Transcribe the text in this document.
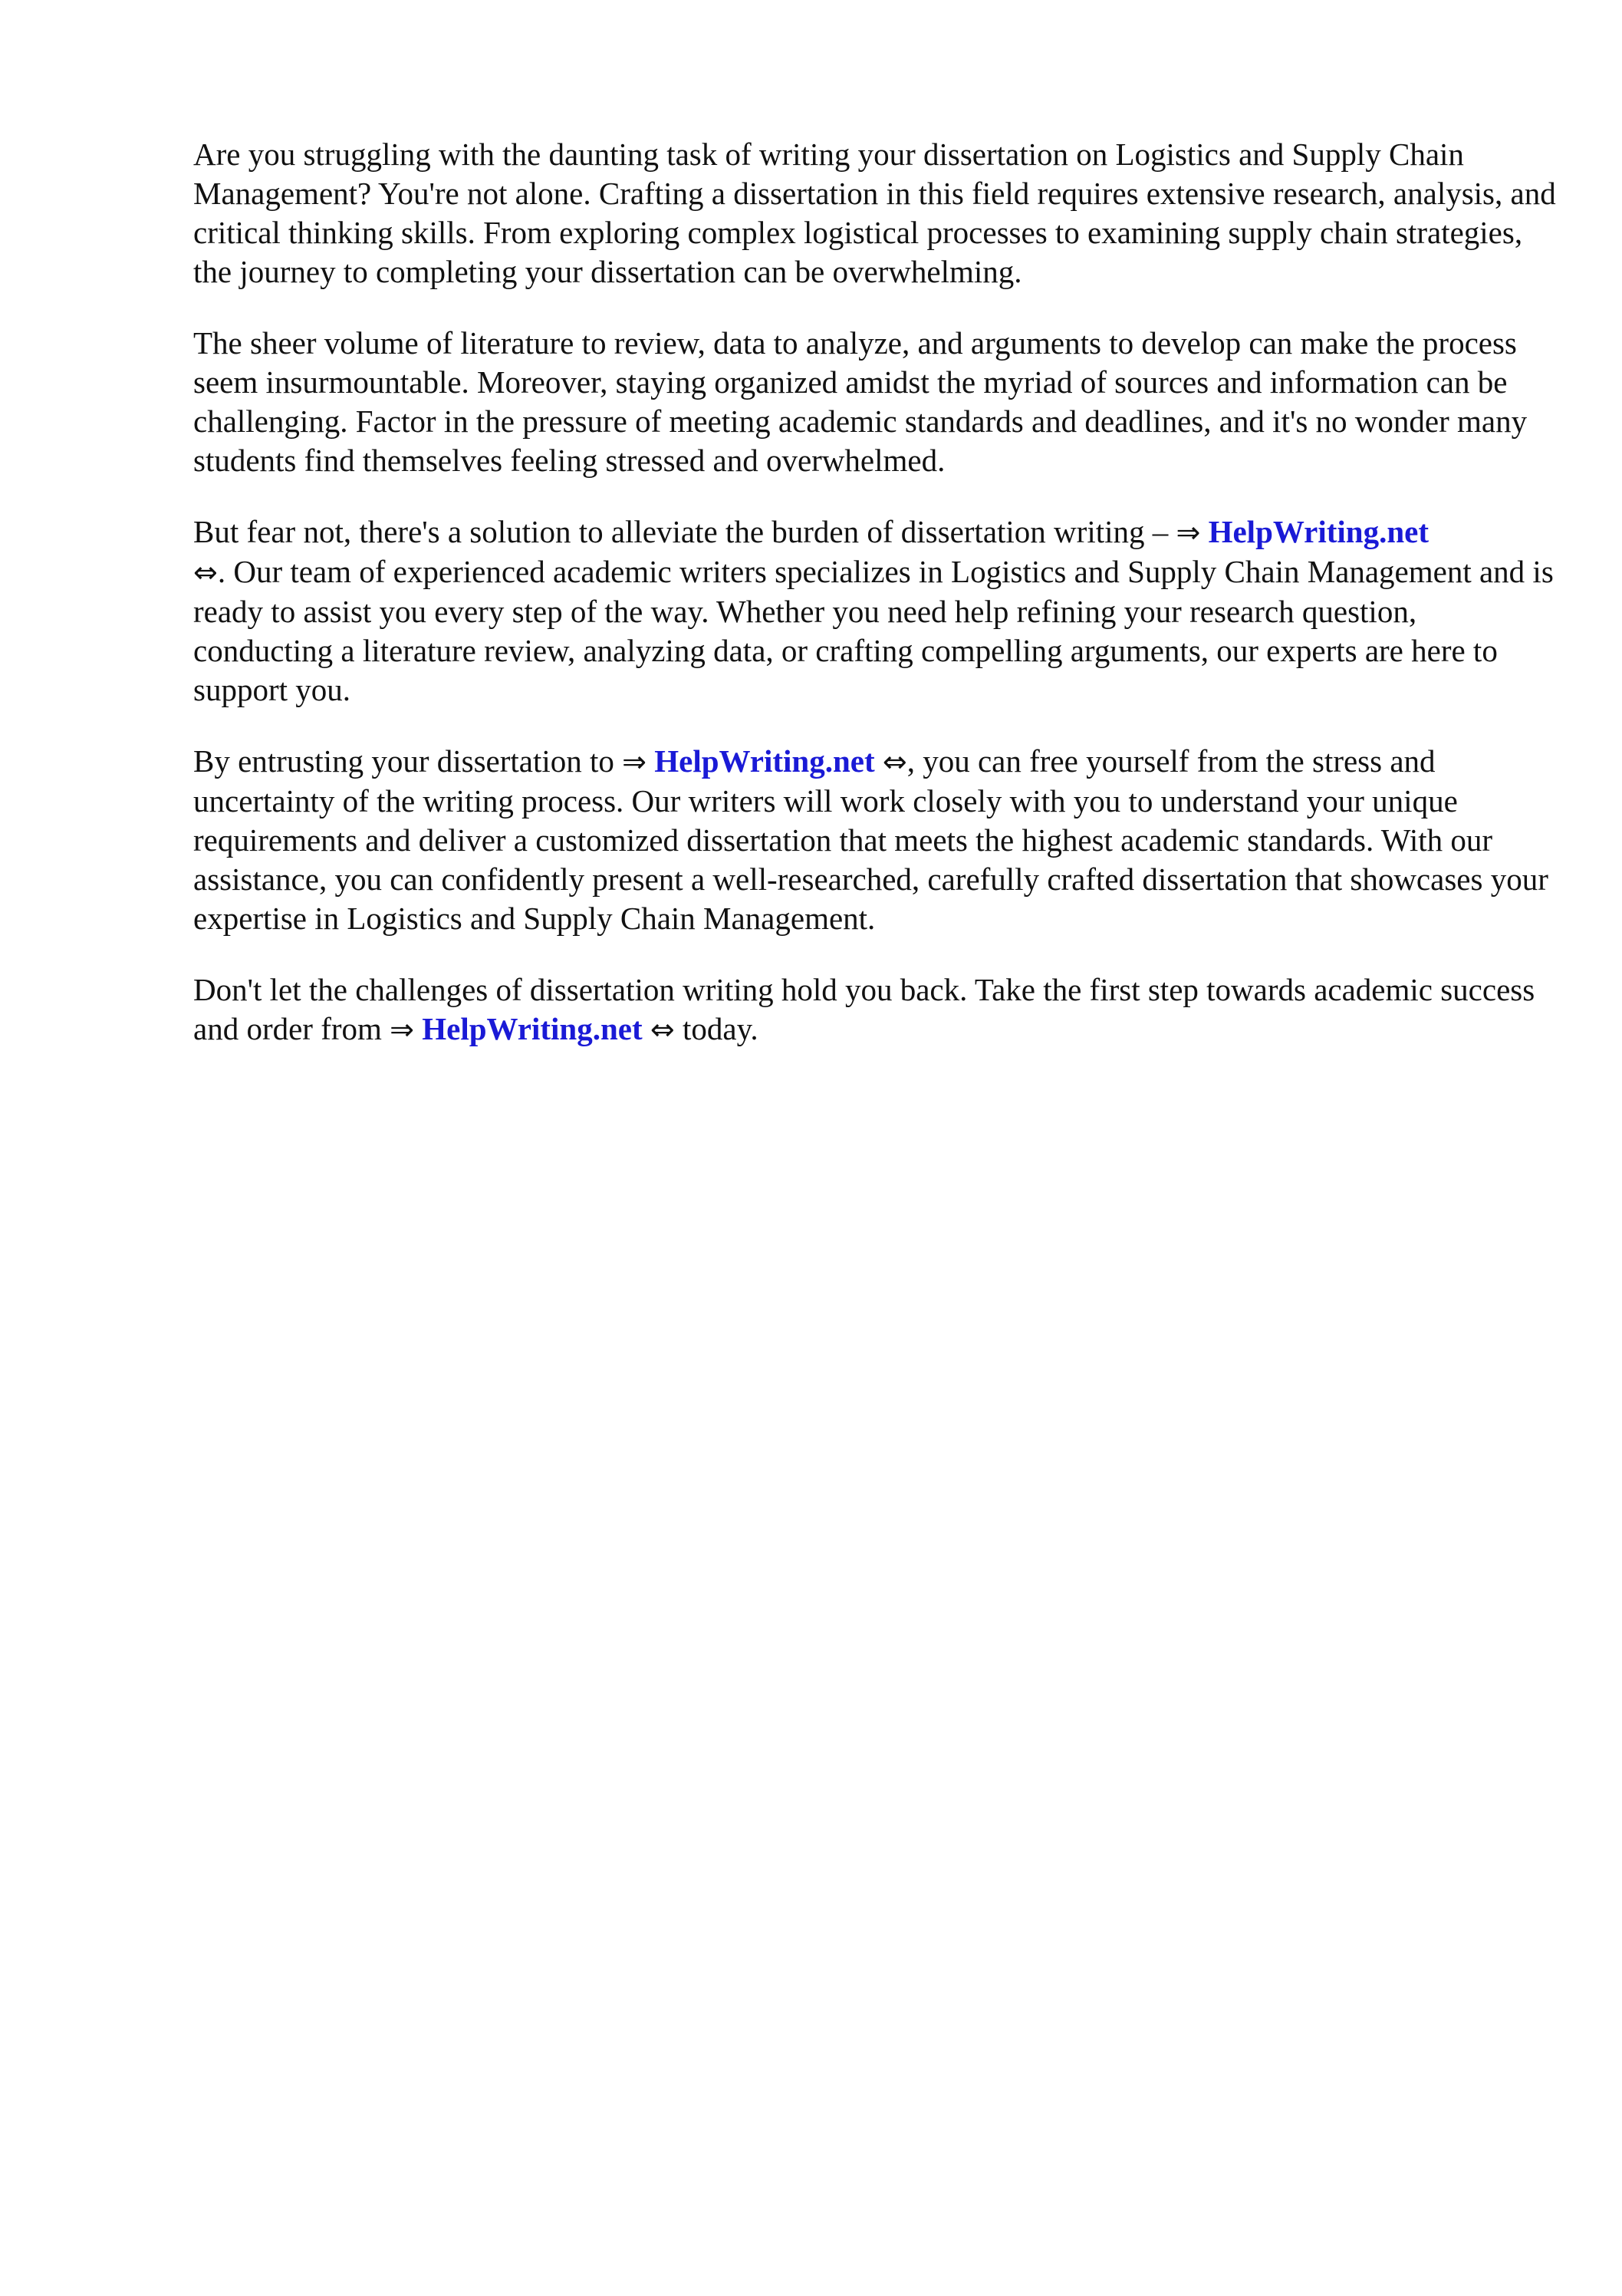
Are you struggling with the daunting task of writing your dissertation on Logistics and Supply Chain Management? You're not alone. Crafting a dissertation in this field requires extensive research, analysis, and critical thinking skills. From exploring complex logistical processes to examining supply chain strategies, the journey to completing your dissertation can be overwhelming.

The sheer volume of literature to review, data to analyze, and arguments to develop can make the process seem insurmountable. Moreover, staying organized amidst the myriad of sources and information can be challenging. Factor in the pressure of meeting academic standards and deadlines, and it's no wonder many students find themselves feeling stressed and overwhelmed.

But fear not, there's a solution to alleviate the burden of dissertation writing – ⇒ HelpWriting.net
⇔. Our team of experienced academic writers specializes in Logistics and Supply Chain Management and is ready to assist you every step of the way. Whether you need help refining your research question, conducting a literature review, analyzing data, or crafting compelling arguments, our experts are here to support you.

By entrusting your dissertation to ⇒ HelpWriting.net ⇔, you can free yourself from the stress and uncertainty of the writing process. Our writers will work closely with you to understand your unique requirements and deliver a customized dissertation that meets the highest academic standards. With our assistance, you can confidently present a well-researched, carefully crafted dissertation that showcases your expertise in Logistics and Supply Chain Management.

Don't let the challenges of dissertation writing hold you back. Take the first step towards academic success and order from ⇒ HelpWriting.net ⇔ today.
